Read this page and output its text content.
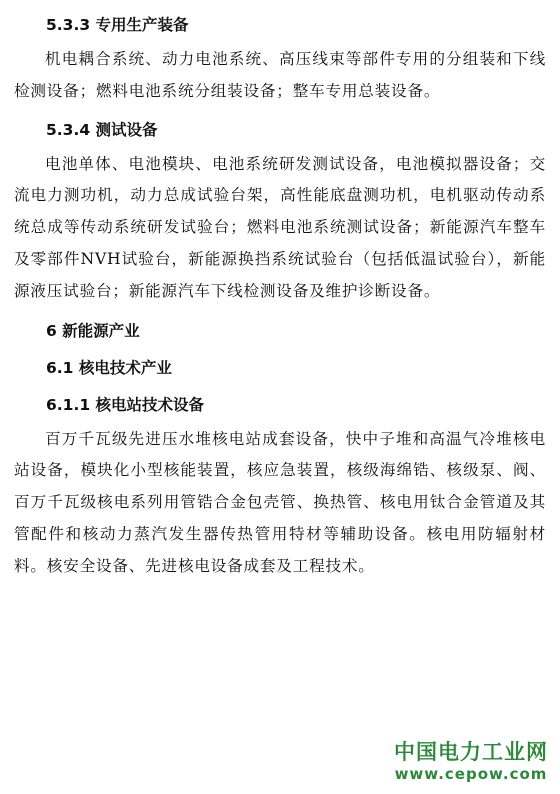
5.3.3 专用生产装备

机电耦合系统、动力电池系统、高压线束等部件专用的分组装和下线检测设备；燃料电池系统分组装设备；整车专用总装设备。

5.3.4 测试设备

电池单体、电池模块、电池系统研发测试设备，电池模拟器设备；交流电力测功机，动力总成试验台架，高性能底盘测功机，电机驱动传动系统总成等传动系统研发试验台；燃料电池系统测试设备；新能源汽车整车及零部件NVH试验台，新能源换挡系统试验台（包括低温试验台），新能源液压试验台；新能源汽车下线检测设备及维护诊断设备。

6 新能源产业
6.1 核电技术产业
6.1.1 核电站技术设备

百万千瓦级先进压水堆核电站成套设备，快中子堆和高温气冷堆核电站设备，模块化小型核能装置，核应急装置，核级海绵锆、核级泵、阀、百万千瓦级核电系列用管锆合金包壳管、换热管、核电用钛合金管道及其管配件和核动力蒸汽发生器传热管用特材等辅助设备。核电用防辐射材料。核安全设备、先进核电设备成套及工程技术。

中国电力工业网
www.cepow.com
